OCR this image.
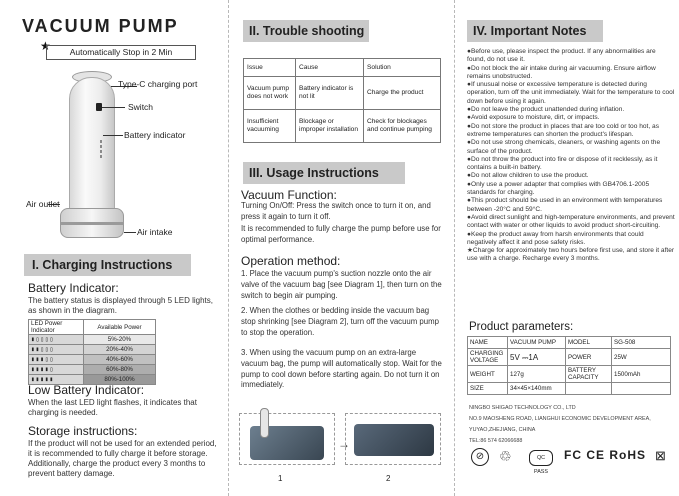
VACUUM PUMP
★	Automatically Stop in 2 Min
Type-C charging port
Switch
Battery indicator
Air outlet
Air intake
I. Charging Instructions
Battery Indicator:
The battery status is displayed through 5 LED lights, as shown in the diagram.
LED Power Indicator	Available Power
▮▯▯▯▯	5%-20%
▮▮▯▯▯	20%-40%
▮▮▮▯▯	40%-60%
▮▮▮▮▯	60%-80%
▮▮▮▮▮	80%-100%
Low Battery Indicator:
When the last LED light flashes, it indicates that charging is needed.
Storage instructions:
If the product will not be used for an extended period, it is recommended to fully charge it before storage. Additionally, charge the product every 3 months to prevent battery damage.
II. Trouble shooting
Issue	Cause	Solution
Vacuum pump does not work	Battery indicator is not lit	Charge the product
Insufficient vacuuming	Blockage or improper installation	Check for blockages and continue pumping
III. Usage Instructions
Vacuum Function:
Turning On/Off: Press the switch once to turn it on, and press it again to turn it off.
It is recommended to fully charge the pump before use for optimal performance.
Operation method:
1. Place the vacuum pump's suction nozzle onto the air valve of the vacuum bag [see Diagram 1], then turn on the switch to begin air pumping.
2. When the clothes or bedding inside the vacuum bag stop shrinking [see Diagram 2], turn off the vacuum pump to stop the operation.
3. When using the vacuum pump on an extra-large vacuum bag, the pump will automatically stop. Wait for the pump to cool down before starting again. Do not turn it on immediately.
→
1	2
IV. Important Notes

●Before use, please inspect the product. If any abnormalities are found, do not use it.

●Do not block the air intake during air vacuuming. Ensure airflow remains unobstructed.

●If unusual noise or excessive temperature is detected during operation, turn off the unit immediately. Wait for the temperature to cool down before using it again.

●Do not leave the product unattended during inflation.

●Avoid exposure to moisture, dirt, or impacts.

●Do not store the product in places that are too cold or too hot, as extreme temperatures can shorten the product's lifespan.

●Do not use strong chemicals, cleaners, or washing agents on the surface of the product.

●Do not throw the product into fire or dispose of it recklessly, as it contains a built-in battery.

●Do not allow children to use the product.

●Only use a power adapter that complies with GB4706.1-2005 standards for charging.

●This product should be used in an environment with temperatures between -20°C and 59°C.

●Avoid direct sunlight and high-temperature environments, and prevent contact with water or other liquids to avoid product short-circuiting.

●Keep the product away from harsh environments that could negatively affect it and pose safety risks.

★Charge for approximately two hours before first use, and store it after use with a charge. Recharge every 3 months.

Product parameters:
NAME	VACUUM PUMP	MODEL	SG-508
CHARGING VOLTAGE	5V ⎓1A	POWER	25W
WEIGHT	127g	BATTERY CAPACITY	1500mAh
SIZE	34×45×140mm		
NINGBO SHIGAO TECHNOLOGY CO., LTD
NO.9 MAOSHENG ROAD, LIANGHUI ECONOMIC DEVELOPMENT AREA,
YUYAO,ZHEJIANG, CHINA
TEL:86 574 62066688
⊘	♲	QC PASS
FC CE RoHS ⊠
